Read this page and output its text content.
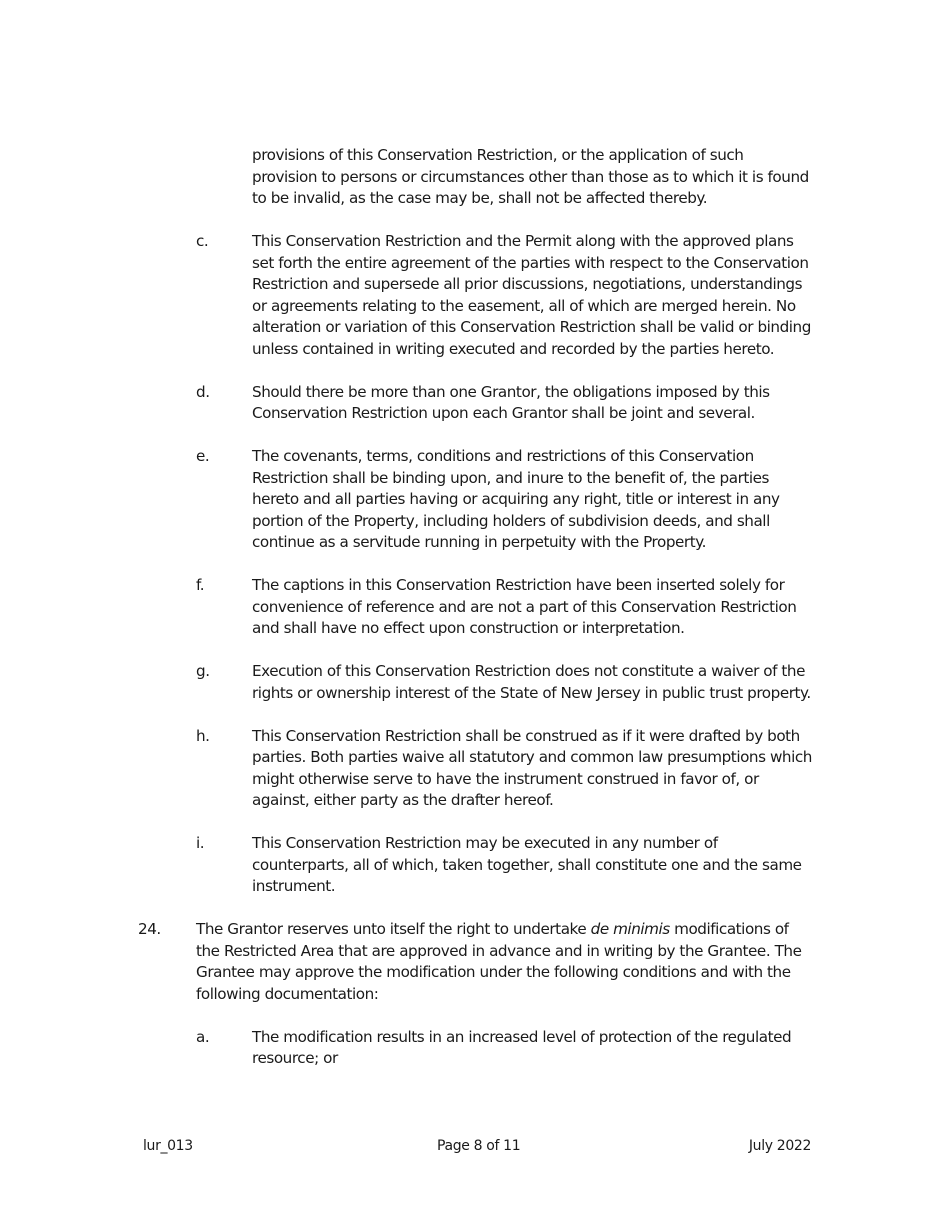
provisions of this Conservation Restriction, or the application of such provision to persons or circumstances other than those as to which it is found to be invalid, as the case may be, shall not be affected thereby.
c.	This Conservation Restriction and the Permit along with the approved plans set forth the entire agreement of the parties with respect to the Conservation Restriction and supersede all prior discussions, negotiations, understandings or agreements relating to the easement, all of which are merged herein. No alteration or variation of this Conservation Restriction shall be valid or binding unless contained in writing executed and recorded by the parties hereto.
d.	Should there be more than one Grantor, the obligations imposed by this Conservation Restriction upon each Grantor shall be joint and several.
e.	The covenants, terms, conditions and restrictions of this Conservation Restriction shall be binding upon, and inure to the benefit of, the parties hereto and all parties having or acquiring any right, title or interest in any portion of the Property, including holders of subdivision deeds, and shall continue as a servitude running in perpetuity with the Property.
f.	The captions in this Conservation Restriction have been inserted solely for convenience of reference and are not a part of this Conservation Restriction and shall have no effect upon construction or interpretation.
g.	Execution of this Conservation Restriction does not constitute a waiver of the rights or ownership interest of the State of New Jersey in public trust property.
h.	This Conservation Restriction shall be construed as if it were drafted by both parties. Both parties waive all statutory and common law presumptions which might otherwise serve to have the instrument construed in favor of, or against, either party as the drafter hereof.
i.	This Conservation Restriction may be executed in any number of counterparts, all of which, taken together, shall constitute one and the same instrument.
24. The Grantor reserves unto itself the right to undertake de minimis modifications of the Restricted Area that are approved in advance and in writing by the Grantee. The Grantee may approve the modification under the following conditions and with the following documentation:
a.	The modification results in an increased level of protection of the regulated resource; or
lur_013	Page 8 of 11	July 2022
